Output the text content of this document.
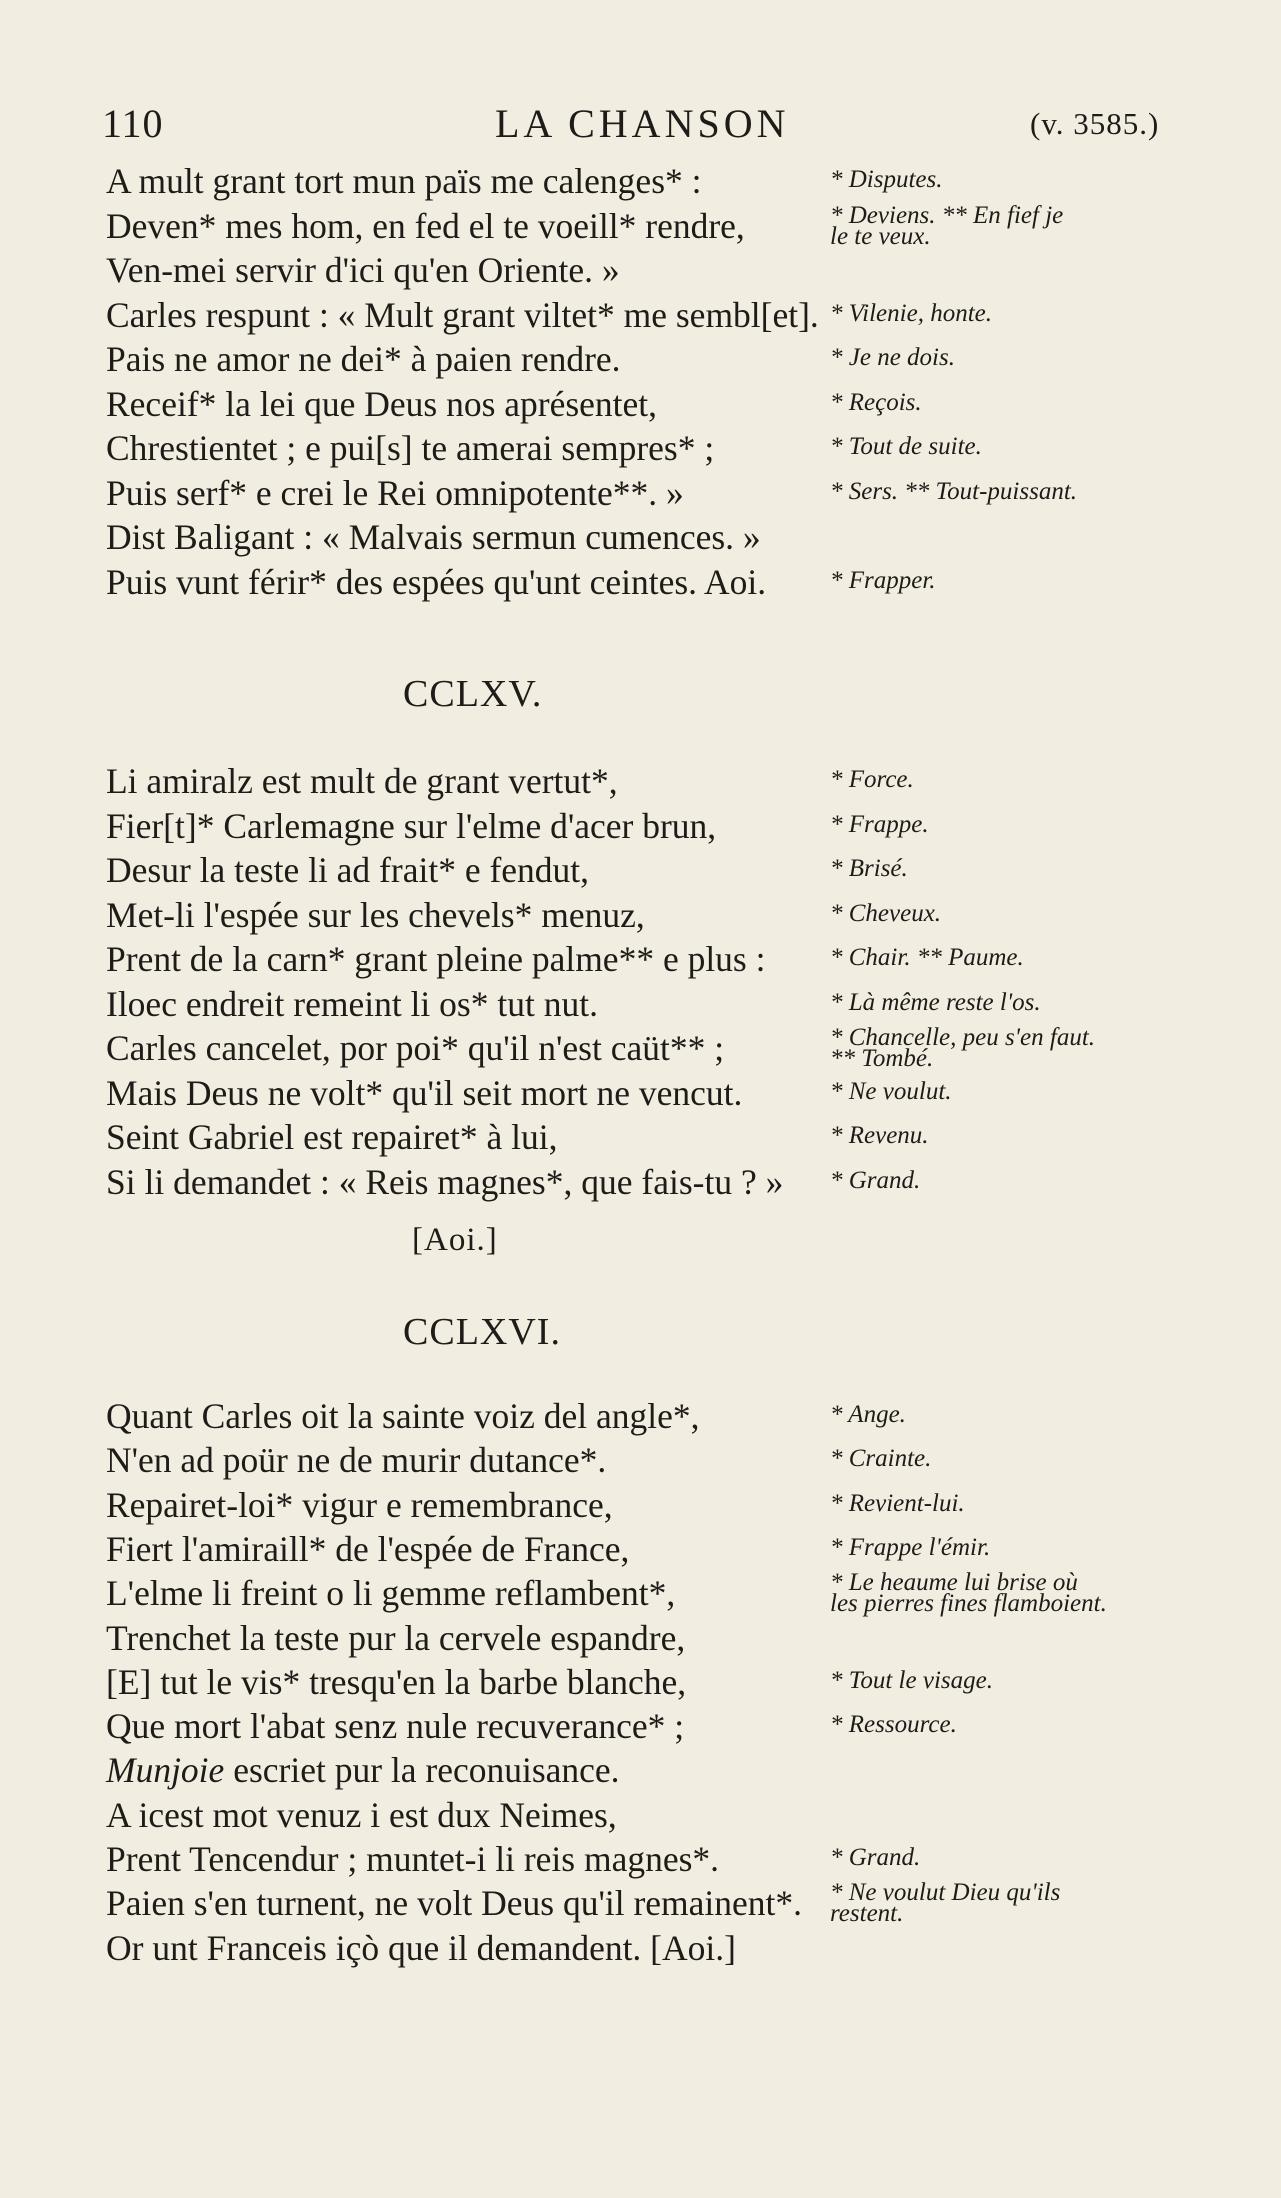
110	LA CHANSON	(v. 3585.)
A mult grant tort mun païs me calenges* :	* Disputes.
Deven* mes hom, en fed el te voeill* rendre,	* Deviens. ** En fief je
le te veux.
Ven-mei servir d'ici qu'en Oriente. »
Carles respunt : « Mult grant viltet* me sembl[et]. * Vilenie, honte.
Pais ne amor ne dei* à paien rendre.	* Je ne dois.
Receif* la lei que Deus nos aprésentet,	* Reçois.
Chrestientet ; e pui[s] te amerai sempres* ;	* Tout de suite.
Puis serf* e crei le Rei omnipotente**. »	* Sers. ** Tout-puissant.
Dist Baligant : « Malvais sermun cumences. »
Puis vunt férir* des espées qu'unt ceintes. Aoi.	* Frapper.
CCLXV.
Li amiralz est mult de grant vertut*,	* Force.
Fier[t]* Carlemagne sur l'elme d'acer brun,	* Frappe.
Desur la teste li ad frait* e fendut,	* Brisé.
Met-li l'espée sur les chevels* menuz,	* Cheveux.
Prent de la carn* grant pleine palme** e plus :	* Chair. ** Paume.
Iloec endreit remeint li os* tut nut.	* Là même reste l'os.
Carles cancelet, por poi* qu'il n'est caüt** ;	* Chancelle, peu s'en faut.
** Tombé.
Mais Deus ne volt* qu'il seit mort ne vencut.	* Ne voulut.
Seint Gabriel est repairet* à lui,	* Revenu.
Si li demandet : « Reis magnes*, que fais-tu ? » * Grand.
[Aoi.]
CCLXVI.
Quant Carles oit la sainte voiz del angle*,	* Ange.
N'en ad poür ne de murir dutance*.	* Crainte.
Repairet-loi* vigur e remembrance,	* Revient-lui.
Fiert l'amiraill* de l'espée de France,	* Frappe l'émir.
L'elme li freint o li gemme reflambent*,	* Le heaume lui brise où
les pierres fines flamboient.
Trenchet la teste pur la cervele espandre,
[E] tut le vis* tresqu'en la barbe blanche,	* Tout le visage.
Que mort l'abat senz nule recuverance* ;	* Ressource.
Munjoie escriet pur la reconuisance.
A icest mot venuz i est dux Neimes,
Prent Tencendur ; muntet-i li reis magnes*.	* Grand.
Paien s'en turnent, ne volt Deus qu'il remainent*. * Ne voulut Dieu qu'ils
restent.
Or unt Franceis içò que il demandent. [Aoi.]
